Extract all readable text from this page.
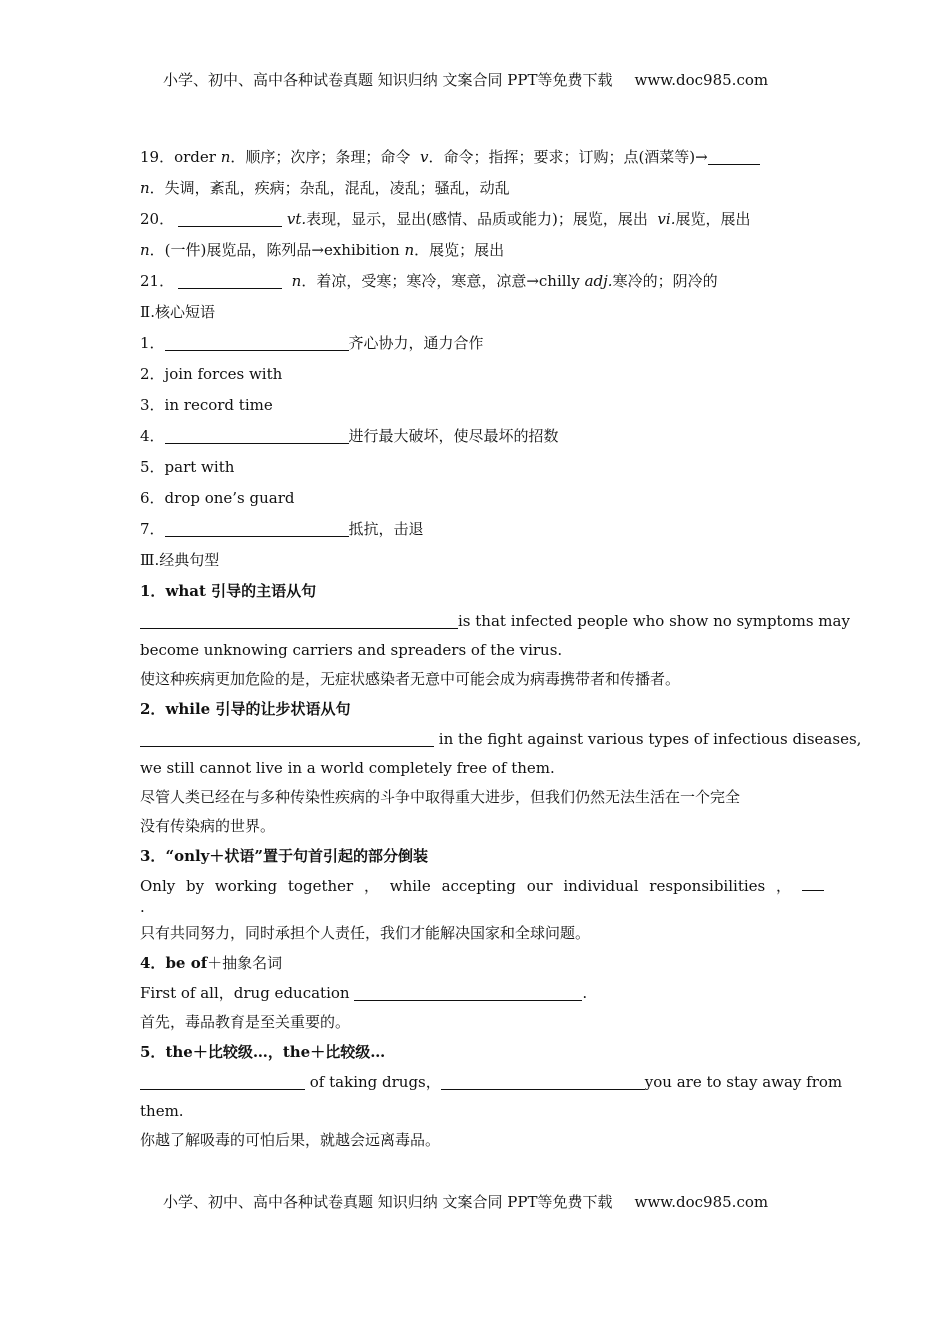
小学、初中、高中各种试卷真题 知识归纳 文案合同 PPT等免费下载 www.doc985.com
19．order n．顺序；次序；条理；命令 v．命令；指挥；要求；订购；点(酒菜等)→
n．失调，紊乱，疾病；杂乱，混乱，凌乱；骚乱，动乱
20．	vt.表现，显示，显出(感情、品质或能力)；展览，展出 vi.展览，展出
n．(一件)展览品，陈列品→exhibition n．展览；展出
21．	n．着凉，受寒；寒冷，寒意，凉意→chilly adj.寒冷的；阴冷的
Ⅱ.核心短语
1．	齐心协力，通力合作
2．join forces with
3．in record time
4．	进行最大破坏，使尽最坏的招数
5．part with
6．drop one’s guard
7．	抵抗，击退
Ⅲ.经典句型
1．what 引导的主语从句
is that infected people who show no symptoms may
become unknowing carriers and spreaders of the virus.
使这种疾病更加危险的是，无症状感染者无意中可能会成为病毒携带者和传播者。
2．while 引导的让步状语从句
in the fight against various types of infectious diseases,
we still cannot live in a world completely free of them.
尽管人类已经在与多种传染性疾病的斗争中取得重大进步，但我们仍然无法生活在一个完全
没有传染病的世界。
3．“only＋状语”置于句首引起的部分倒装
Only by working together ， while accepting our individual responsibilities ，
.
只有共同努力，同时承担个人责任，我们才能解决国家和全球问题。
4．be of＋抽象名词
First of all，drug education	.
首先，毒品教育是至关重要的。
5．the＋比较级…，the＋比较级…
of taking drugs，	you are to stay away from
them.
你越了解吸毒的可怕后果，就越会远离毒品。
小学、初中、高中各种试卷真题 知识归纳 文案合同 PPT等免费下载 www.doc985.com
